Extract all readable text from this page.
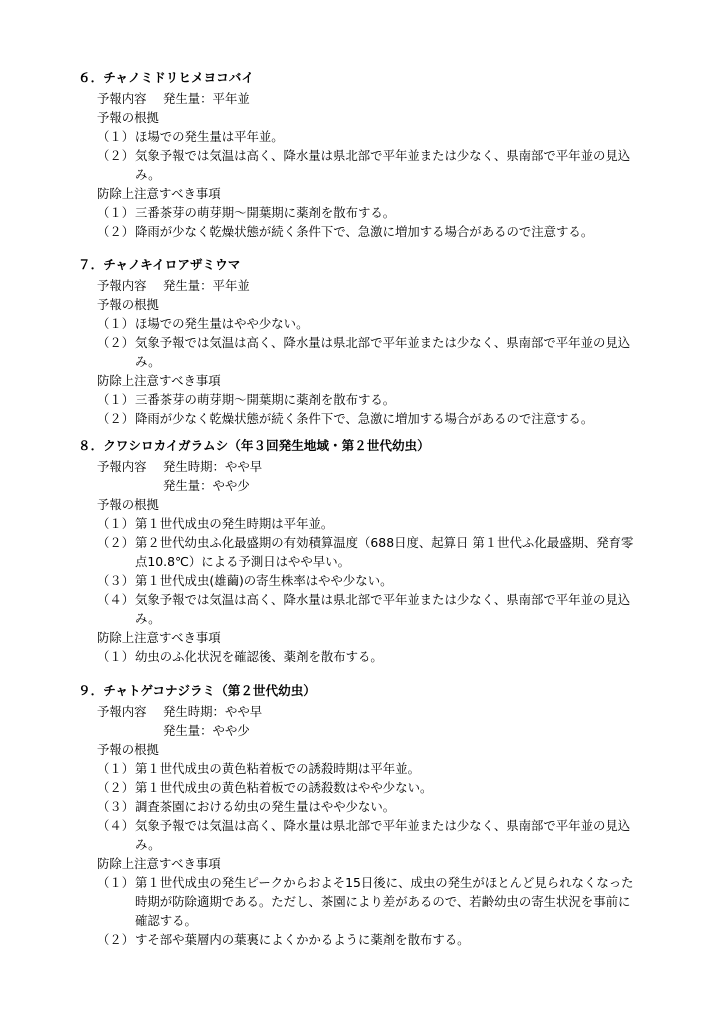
６．チャノミドリヒメヨコバイ
予報内容 発生量：平年並
予報の根拠
（１） ほ場での発生量は平年並。
（２） 気象予報では気温は高く、降水量は県北部で平年並または少なく、県南部で平年並の見込
み。
防除上注意すべき事項
（１） 三番茶芽の萌芽期～開葉期に薬剤を散布する。
（２） 降雨が少なく乾燥状態が続く条件下で、急激に増加する場合があるので注意する。
７．チャノキイロアザミウマ
予報内容 発生量：平年並
予報の根拠
（１） ほ場での発生量はやや少ない。
（２） 気象予報では気温は高く、降水量は県北部で平年並または少なく、県南部で平年並の見込
み。
防除上注意すべき事項
（１） 三番茶芽の萌芽期～開葉期に薬剤を散布する。
（２） 降雨が少なく乾燥状態が続く条件下で、急激に増加する場合があるので注意する。
８．クワシロカイガラムシ（年３回発生地域・第２世代幼虫）
予報内容 発生時期：やや早
発生量：やや少
予報の根拠
（１） 第１世代成虫の発生時期は平年並。
（２） 第２世代幼虫ふ化最盛期の有効積算温度（688日度、起算日 第１世代ふ化最盛期、発育零
点10.8℃）による予測日はやや早い。
（３） 第１世代成虫(雄繭)の寄生株率はやや少ない。
（４） 気象予報では気温は高く、降水量は県北部で平年並または少なく、県南部で平年並の見込
み。
防除上注意すべき事項
（１） 幼虫のふ化状況を確認後、薬剤を散布する。
９．チャトゲコナジラミ（第２世代幼虫）
予報内容 発生時期：やや早
発生量：やや少
予報の根拠
（１） 第１世代成虫の黄色粘着板での誘殺時期は平年並。
（２） 第１世代成虫の黄色粘着板での誘殺数はやや少ない。
（３） 調査茶園における幼虫の発生量はやや少ない。
（４） 気象予報では気温は高く、降水量は県北部で平年並または少なく、県南部で平年並の見込
み。
防除上注意すべき事項
（１） 第１世代成虫の発生ピークからおよそ15日後に、成虫の発生がほとんど見られなくなった
時期が防除適期である。ただし、茶園により差があるので、若齢幼虫の寄生状況を事前に
確認する。
（２） すそ部や葉層内の葉裏によくかかるように薬剤を散布する。
